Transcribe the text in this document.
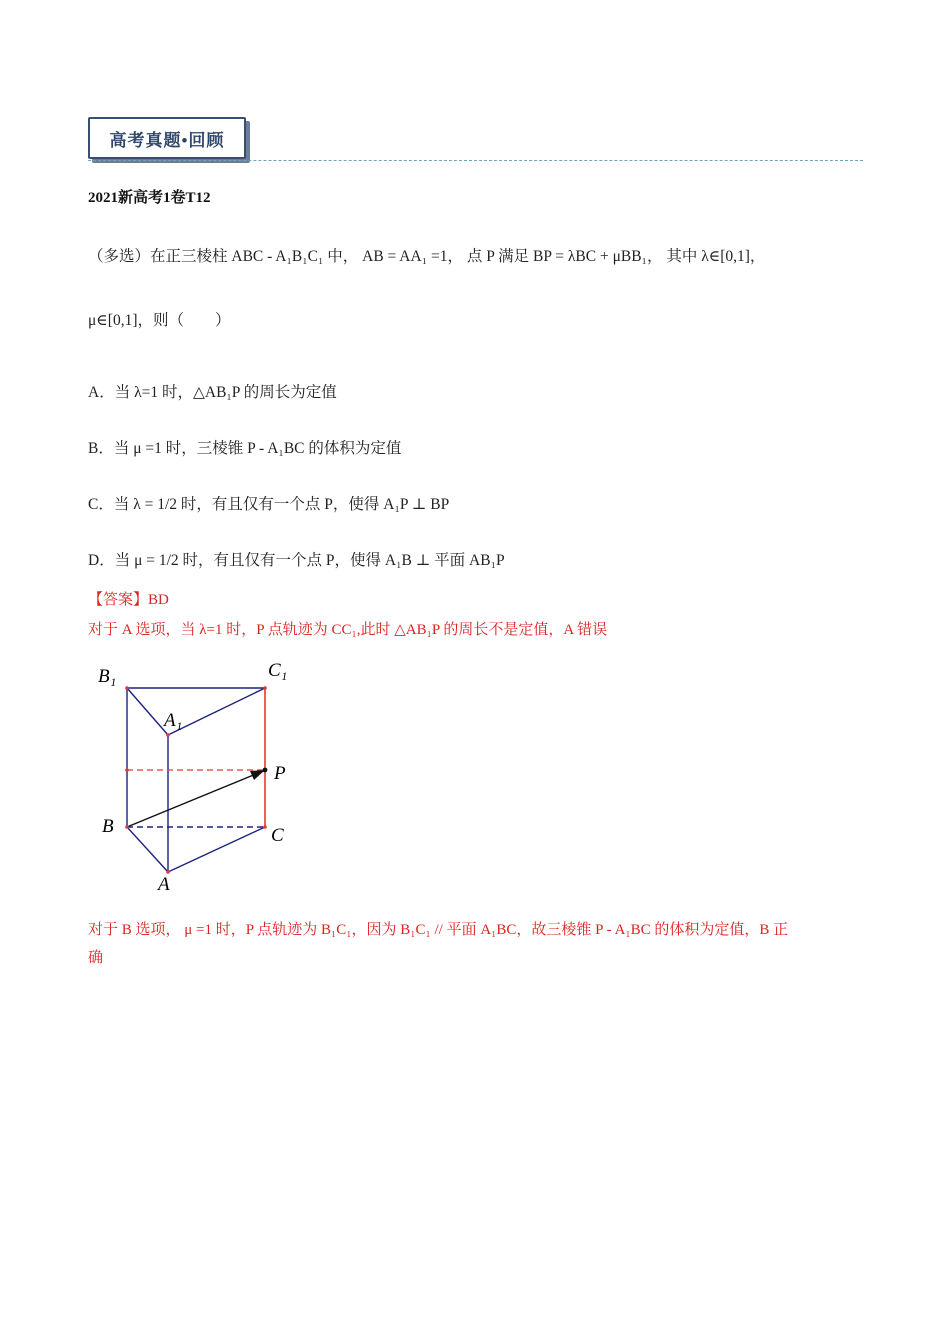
高考真题•回顾
2021新高考1卷T12
（多选）在正三棱柱 ABC - A₁B₁C₁ 中， AB = AA₁ =1， 点 P 满足 BP = λBC + μBB₁， 其中 λ∈[0,1]，
μ∈[0,1]，则（　　）
A．当 λ=1 时，△AB₁P 的周长为定值
B．当 μ =1 时，三棱锥 P - A₁BC 的体积为定值
C．当 λ = 1/2 时，有且仅有一个点 P，使得 A₁P ⊥ BP
D．当 μ = 1/2 时，有且仅有一个点 P，使得 A₁B ⊥ 平面 AB₁P
【答案】BD
对于 A 选项，当 λ=1 时，P 点轨迹为 CC₁,此时 △AB₁P 的周长不是定值，A 错误
B₁	C₁
A₁
P
B	C
A
对于 B 选项， μ =1 时，P 点轨迹为 B₁C₁，因为 B₁C₁ // 平面 A₁BC，故三棱锥 P - A₁BC 的体积为定值，B 正
确
